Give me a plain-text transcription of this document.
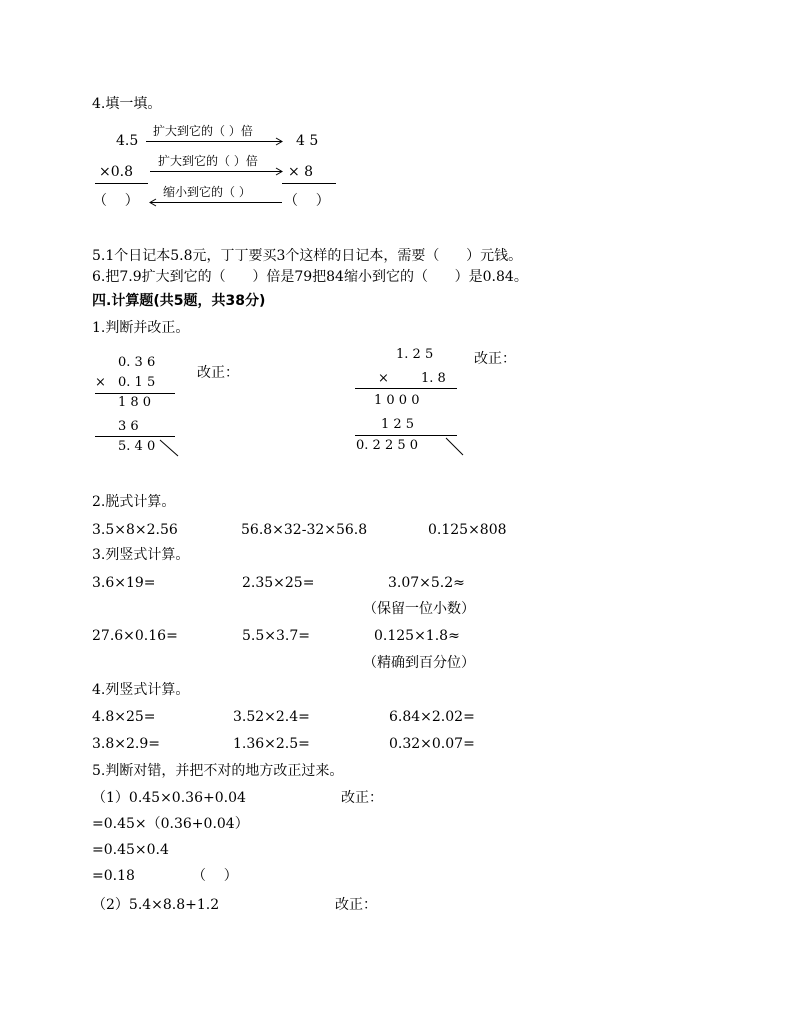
4.填一填。
4.5
扩大到它的（ ）倍
4 5
×0.8
扩大到它的（ ）倍
× 8
（    ）
缩小到它的（ ）
（    ）
5.1个日记本5.8元，丁丁要买3个这样的日记本，需要（      ）元钱。
6.把7.9扩大到它的（      ）倍是79把84缩小到它的（      ）是0.84。
四.计算题(共5题，共38分)
1.判断并改正。
0. 3 6
× 0. 1 5
1 8 0
3 6
5. 4 0
改正：
1. 2 5
× 1. 8
1 0 0 0
1 2 5
0. 2 2 5 0
改正：
2.脱式计算。
3.5×8×2.56	56.8×32-32×56.8	0.125×808
3.列竖式计算。
3.6×19=	2.35×25=	3.07×5.2≈
（保留一位小数）
27.6×0.16=	5.5×3.7=	0.125×1.8≈
（精确到百分位）
4.列竖式计算。
4.8×25=	3.52×2.4=	6.84×2.02=
3.8×2.9=	1.36×2.5=	0.32×0.07=
5.判断对错，并把不对的地方改正过来。
（1）0.45×0.36+0.04	改正：
=0.45×（0.36+0.04）
=0.45×0.4
=0.18	（    ）
（2）5.4×8.8+1.2	改正：
